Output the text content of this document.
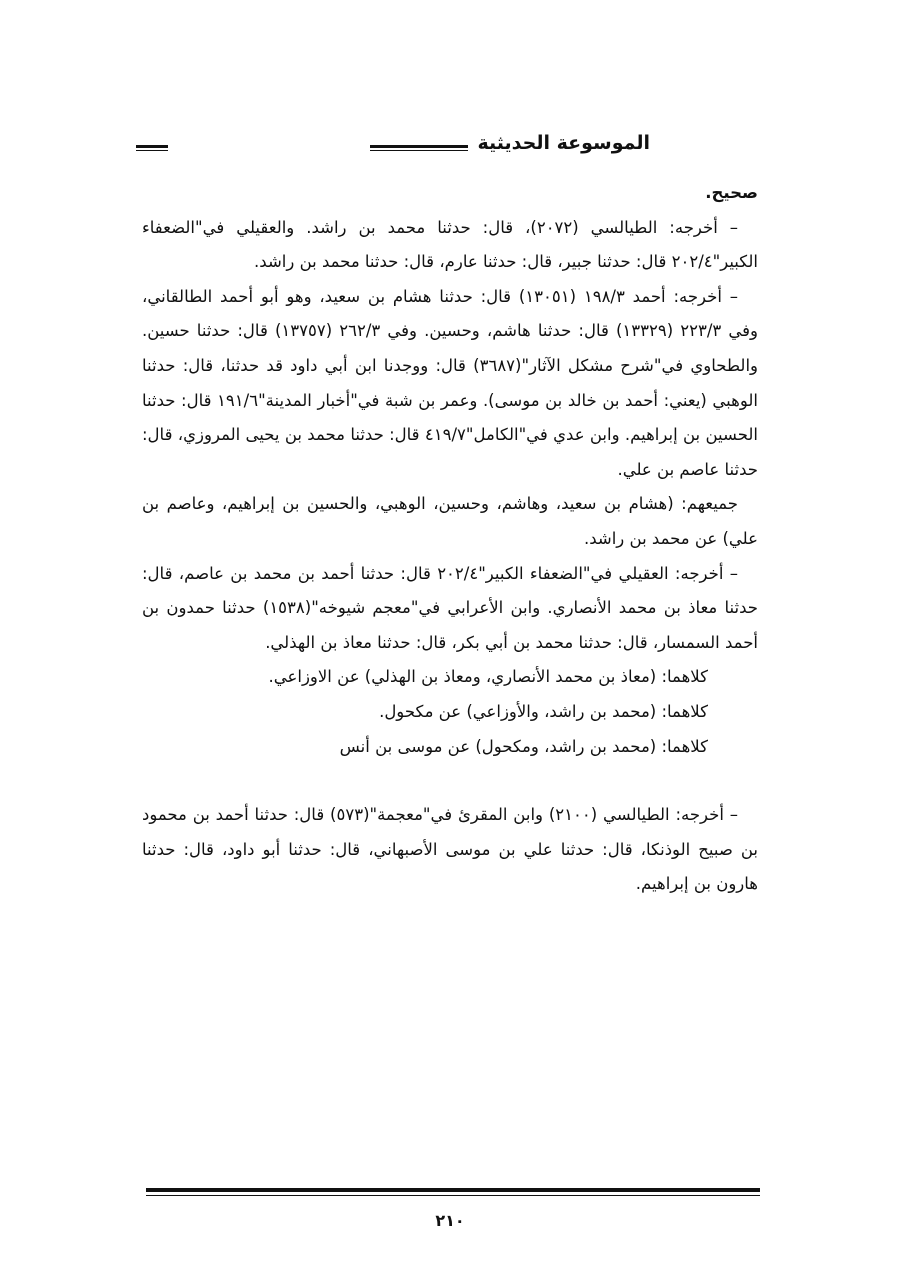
الموسوعة الحديثية

صحيح.

– أخرجه: الطيالسي (٢٠٧٢)، قال: حدثنا محمد بن راشد. والعقيلي في"الضعفاء الكبير"٢٠٢/٤ قال: حدثنا جبير، قال: حدثنا عارم، قال: حدثنا محمد بن راشد.

– أخرجه: أحمد ١٩٨/٣ (١٣٠٥١) قال: حدثنا هشام بن سعيد، وهو أبو أحمد الطالقاني، وفي ٢٢٣/٣ (١٣٣٢٩) قال: حدثنا هاشم، وحسين. وفي ٢٦٢/٣ (١٣٧٥٧) قال: حدثنا حسين. والطحاوي في"شرح مشكل الآثار"(٣٦٨٧) قال: ووجدنا ابن أبي داود قد حدثنا، قال: حدثنا الوهبي (يعني: أحمد بن خالد بن موسى). وعمر بن شبة في"أخبار المدينة"١٩١/٦ قال: حدثنا الحسين بن إبراهيم. وابن عدي في"الكامل"٤١٩/٧ قال: حدثنا محمد بن يحيى المروزي، قال: حدثنا عاصم بن علي.

جميعهم: (هشام بن سعيد، وهاشم، وحسين، الوهبي، والحسين بن إبراهيم، وعاصم بن علي) عن محمد بن راشد.

– أخرجه: العقيلي في"الضعفاء الكبير"٢٠٢/٤ قال: حدثنا أحمد بن محمد بن عاصم، قال: حدثنا معاذ بن محمد الأنصاري. وابن الأعرابي في"معجم شيوخه"(١٥٣٨) حدثنا حمدون بن أحمد السمسار، قال: حدثنا محمد بن أبي بكر، قال: حدثنا معاذ بن الهذلي.

كلاهما: (معاذ بن محمد الأنصاري، ومعاذ بن الهذلي) عن الاوزاعي.

كلاهما: (محمد بن راشد، والأوزاعي) عن مكحول.

كلاهما: (محمد بن راشد، ومكحول) عن موسى بن أنس

– أخرجه: الطيالسي (٢١٠٠) وابن المقرئ في"معجمة"(٥٧٣) قال: حدثنا أحمد بن محمود بن صبيح الوذنكا، قال: حدثنا علي بن موسى الأصبهاني، قال: حدثنا أبو داود، قال: حدثنا هارون بن إبراهيم.

٢١٠
